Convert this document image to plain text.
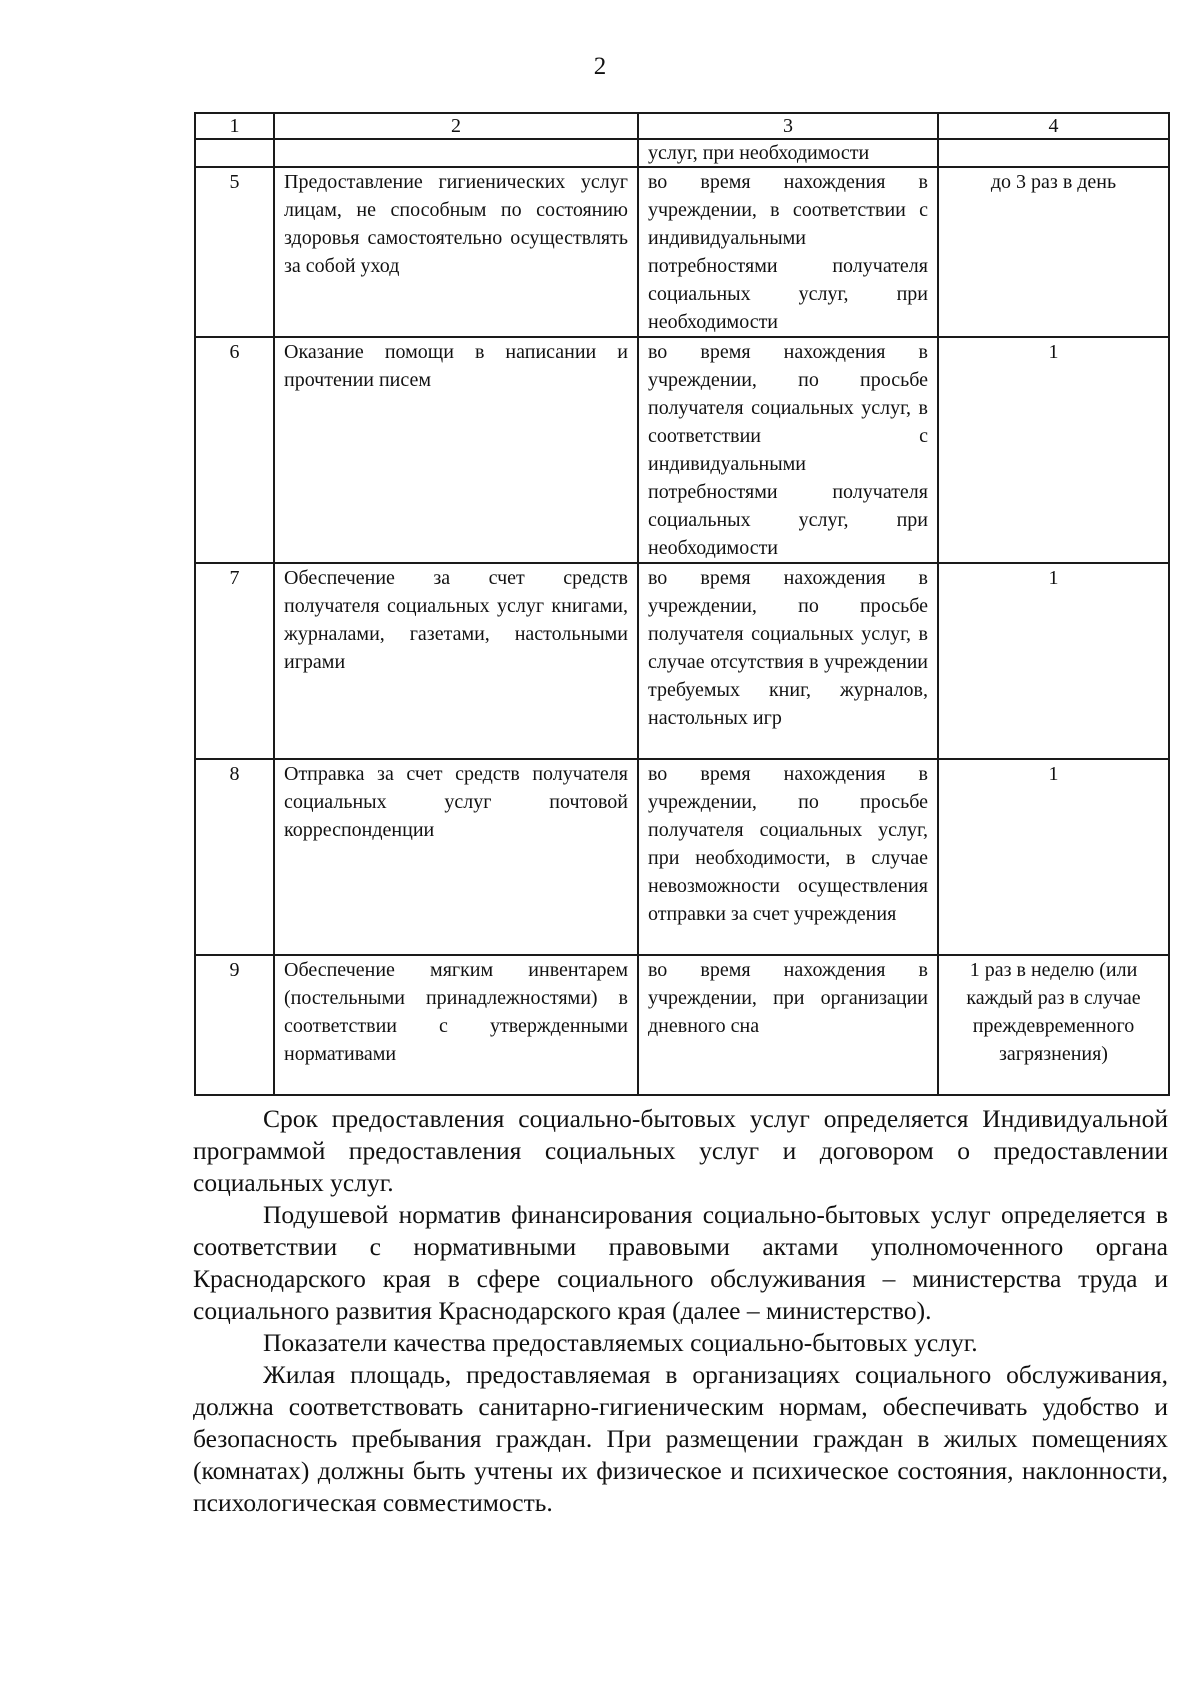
2
1	2	3	4
		услуг, при необходимости	
5	Предоставление гигиенических услуг лицам, не способным по состоянию здоровья самостоятельно осуществлять за собой уход	во время нахождения в учреждении, в соответствии с индивидуальными потребностями получателя социальных услуг, при необходимости	до 3 раз в день
6	Оказание помощи в написании и прочтении писем	во время нахождения в учреждении, по просьбе получателя социальных услуг, в соответствии с индивидуальными потребностями получателя социальных услуг, при необходимости	1
7	Обеспечение за счет средств получателя социальных услуг книгами, журналами, газетами, настольными играми	во время нахождения в учреждении, по просьбе получателя социальных услуг, в случае отсутствия в учреждении требуемых книг, журналов, настольных игр	1
8	Отправка за счет средств получателя социальных услуг почтовой корреспонденции	во время нахождения в учреждении, по просьбе получателя социальных услуг, при необходимости, в случае невозможности осуществления отправки за счет учреждения	1
9	Обеспечение мягким инвентарем (постельными принадлежностями) в соответствии с утвержденными нормативами	во время нахождения в учреждении, при организации дневного сна	1 раз в неделю (или каждый раз в случае преждевременного загрязнения)

Срок предоставления социально-бытовых услуг определяется Индивидуальной программой предоставления социальных услуг и договором о предоставлении социальных услуг.

Подушевой норматив финансирования социально-бытовых услуг определяется в соответствии с нормативными правовыми актами уполномоченного органа Краснодарского края в сфере социального обслуживания – министерства труда и социального развития Краснодарского края (далее – министерство).

Показатели качества предоставляемых социально-бытовых услуг.

Жилая площадь, предоставляемая в организациях социального обслуживания, должна соответствовать санитарно-гигиеническим нормам, обеспечивать удобство и безопасность пребывания граждан. При размещении граждан в жилых помещениях (комнатах) должны быть учтены их физическое и психическое состояния, наклонности, психологическая совместимость.
